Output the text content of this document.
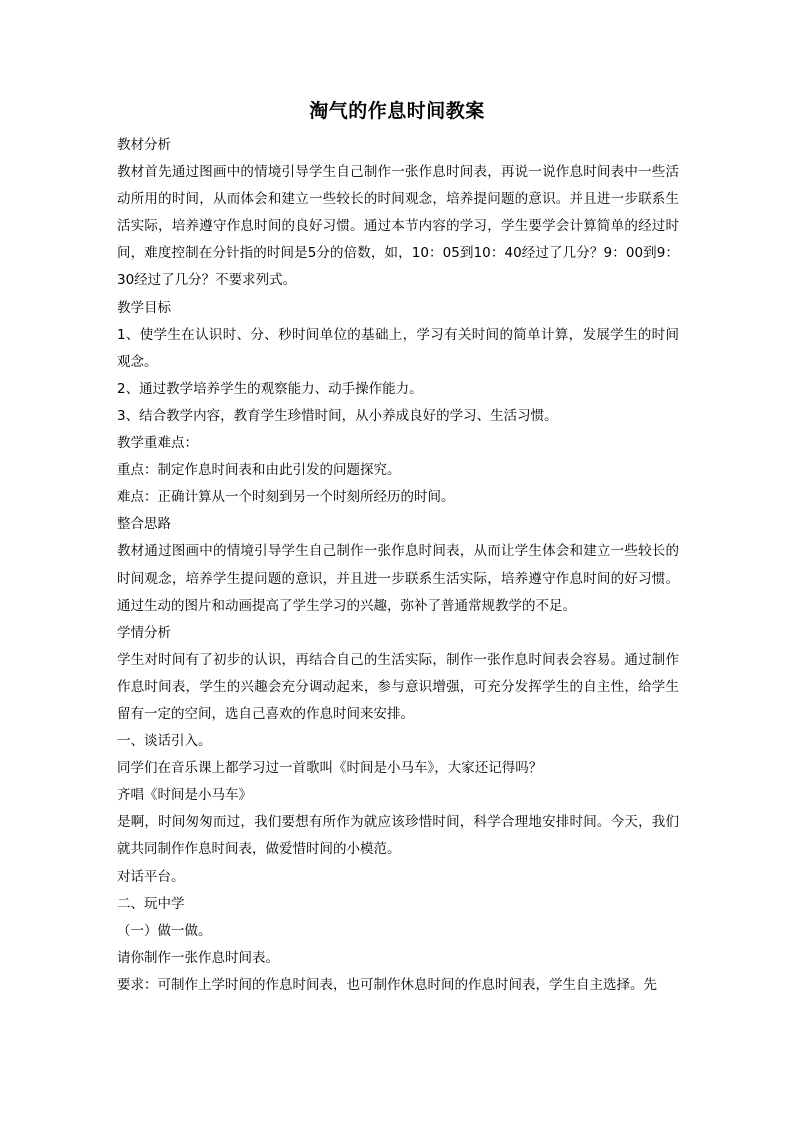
淘气的作息时间教案

教材分析

教材首先通过图画中的情境引导学生自己制作一张作息时间表，再说一说作息时间表中一些活动所用的时间，从而体会和建立一些较长的时间观念，培养提问题的意识。并且进一步联系生活实际，培养遵守作息时间的良好习惯。通过本节内容的学习，学生要学会计算简单的经过时间，难度控制在分针指的时间是5分的倍数，如，10：05到10：40经过了几分？9：00到9：30经过了几分？不要求列式。

教学目标

1、使学生在认识时、分、秒时间单位的基础上，学习有关时间的简单计算，发展学生的时间观念。

2、通过教学培养学生的观察能力、动手操作能力。

3、结合教学内容，教育学生珍惜时间，从小养成良好的学习、生活习惯。

教学重难点：

重点：制定作息时间表和由此引发的问题探究。

难点：正确计算从一个时刻到另一个时刻所经历的时间。

整合思路

教材通过图画中的情境引导学生自己制作一张作息时间表，从而让学生体会和建立一些较长的时间观念，培养学生提问题的意识，并且进一步联系生活实际，培养遵守作息时间的好习惯。通过生动的图片和动画提高了学生学习的兴趣，弥补了普通常规教学的不足。

学情分析

学生对时间有了初步的认识，再结合自己的生活实际，制作一张作息时间表会容易。通过制作作息时间表，学生的兴趣会充分调动起来，参与意识增强，可充分发挥学生的自主性，给学生留有一定的空间，选自己喜欢的作息时间来安排。

一、谈话引入。

同学们在音乐课上都学习过一首歌叫《时间是小马车》，大家还记得吗？

齐唱《时间是小马车》

是啊，时间匆匆而过，我们要想有所作为就应该珍惜时间，科学合理地安排时间。今天，我们就共同制作作息时间表，做爱惜时间的小模范。

对话平台。

二、玩中学

（一）做一做。

请你制作一张作息时间表。

要求：可制作上学时间的作息时间表，也可制作休息时间的作息时间表，学生自主选择。先
